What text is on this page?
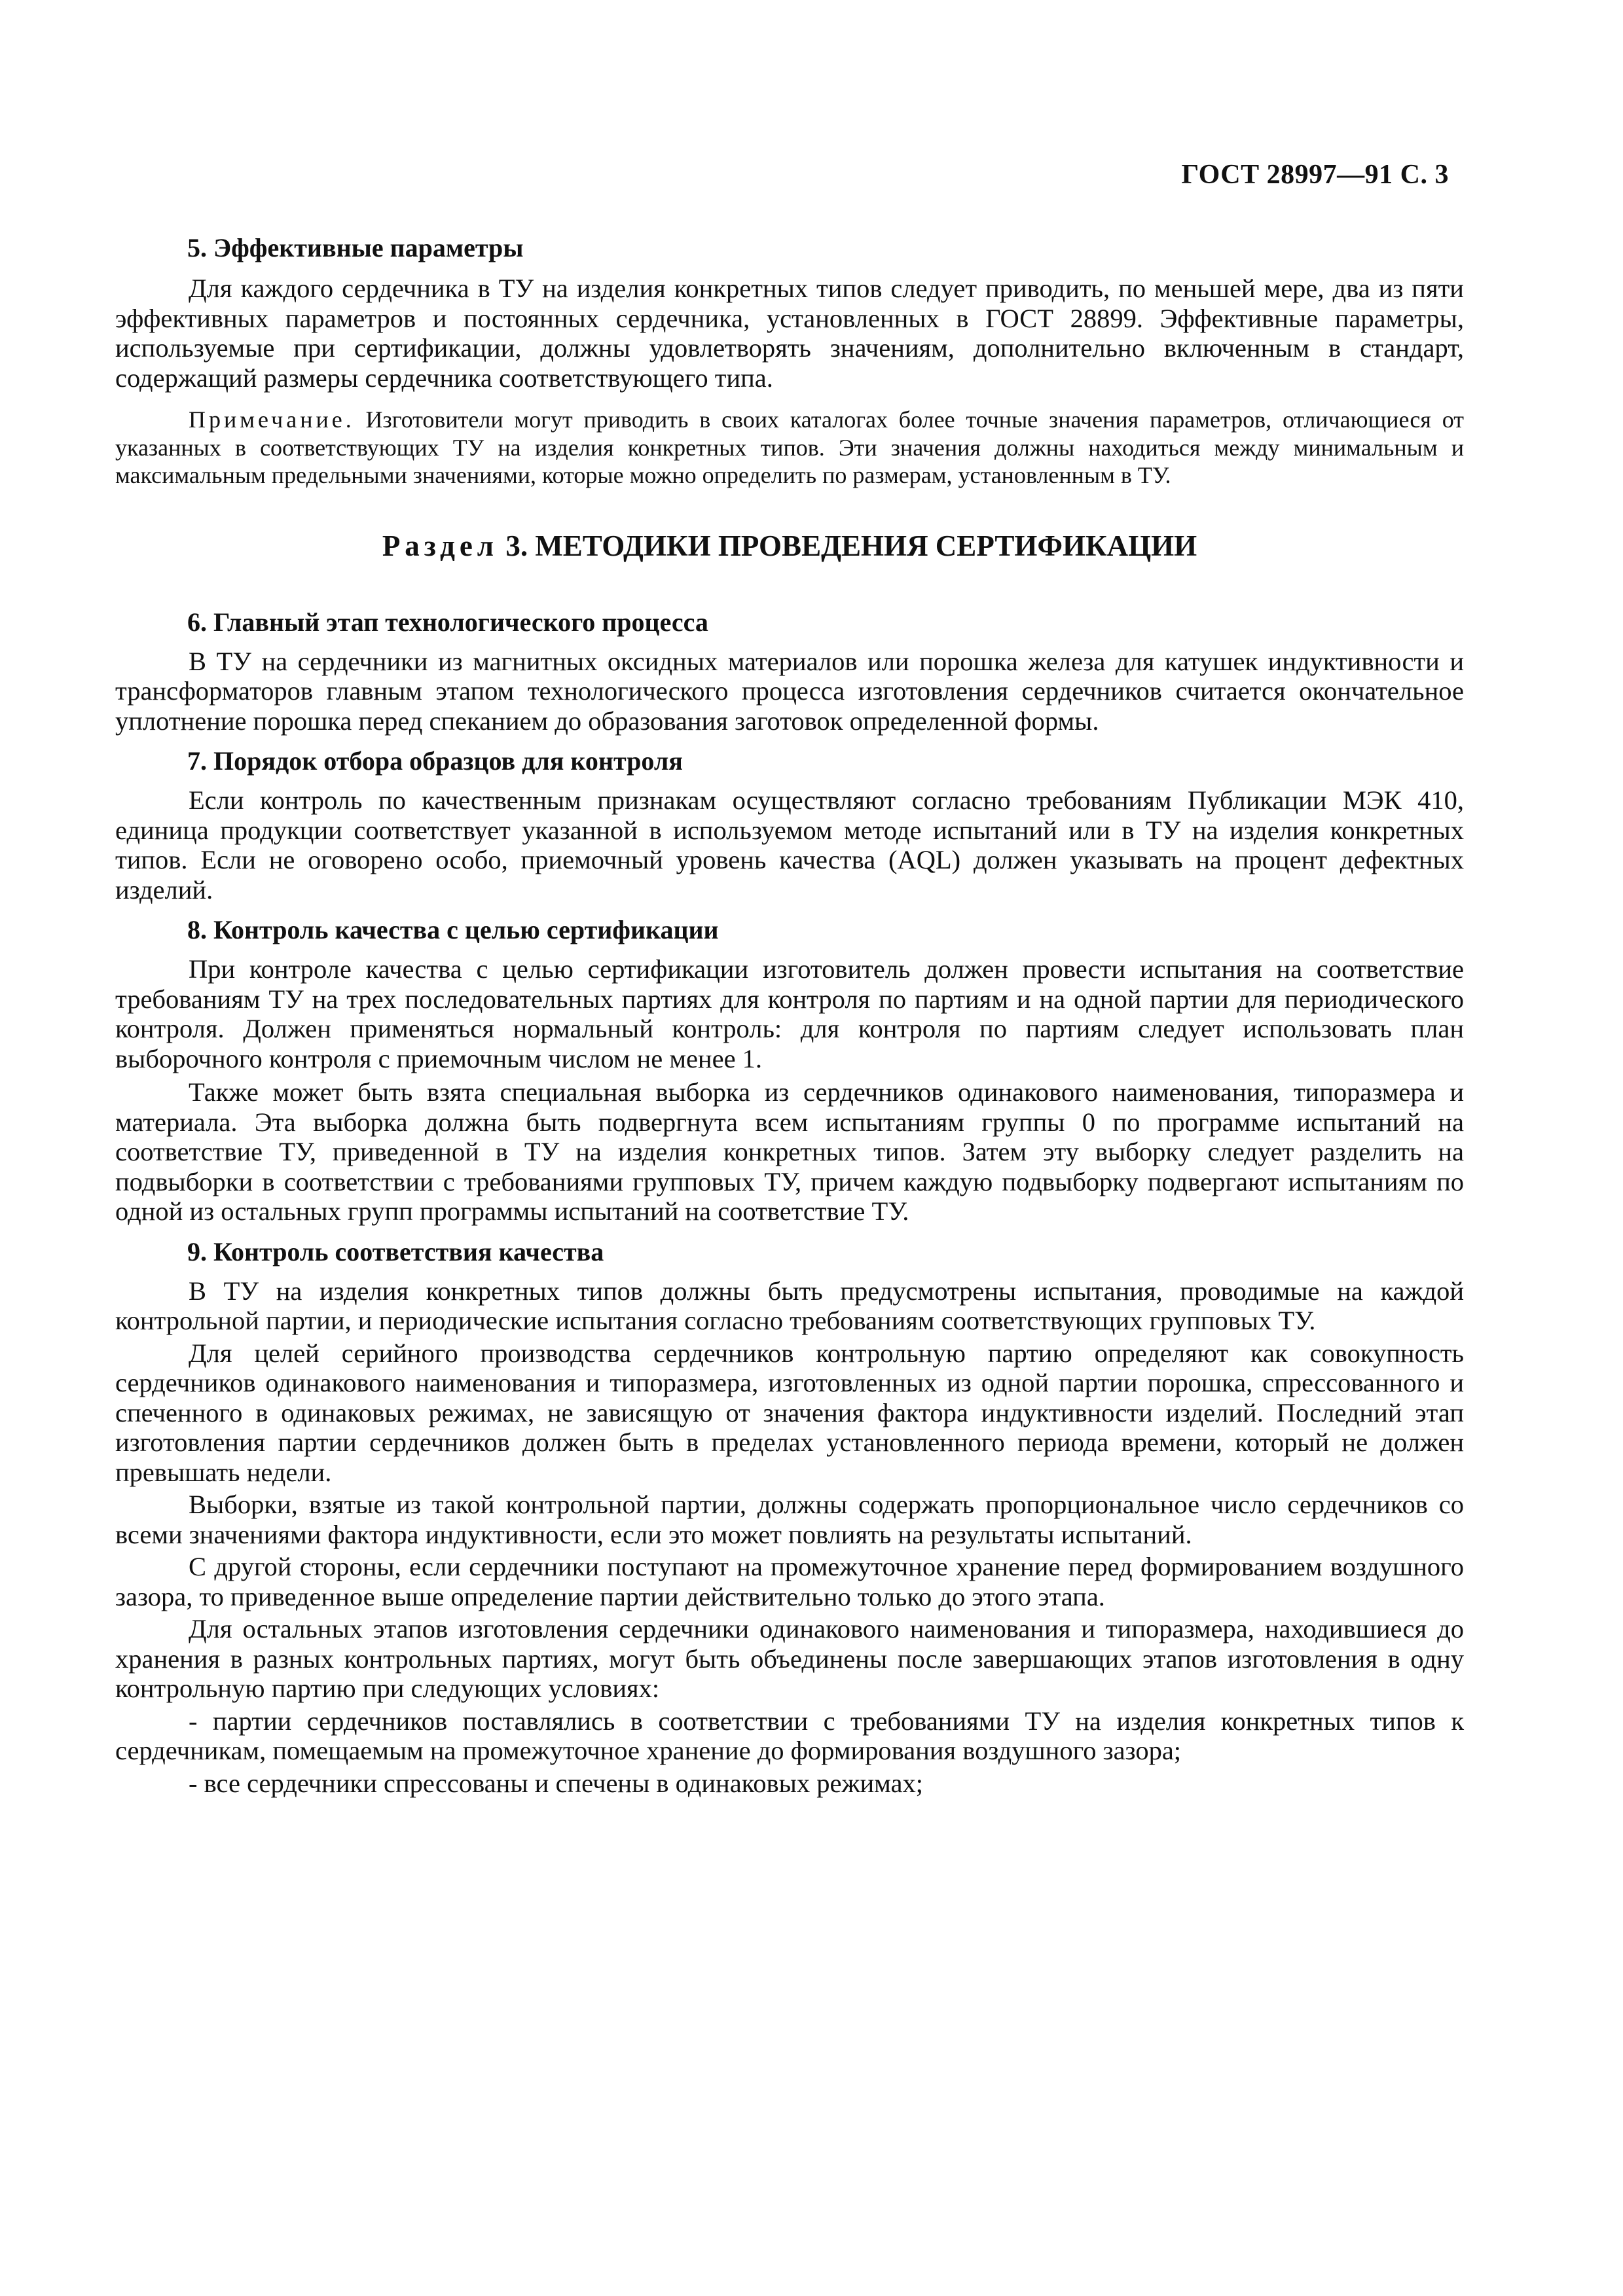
ГОСТ 28997—91 С. 3
5. Эффективные параметры

Для каждого сердечника в ТУ на изделия конкретных типов следует приводить, по меньшей мере, два из пяти эффективных параметров и постоянных сердечника, установленных в ГОСТ 28899. Эффективные параметры, используемые при сертификации, должны удовлетворять значениям, дополнительно включенным в стандарт, содержащий размеры сердечника соответствующего типа.

Примечание. Изготовители могут приводить в своих каталогах более точные значения параметров, отличающиеся от указанных в соответствующих ТУ на изделия конкретных типов. Эти значения должны находиться между минимальным и максимальным предельными значениями, которые можно определить по размерам, установленным в ТУ.

Раздел 3. МЕТОДИКИ ПРОВЕДЕНИЯ СЕРТИФИКАЦИИ
6. Главный этап технологического процесса

В ТУ на сердечники из магнитных оксидных материалов или порошка железа для катушек индуктивности и трансформаторов главным этапом технологического процесса изготовления сердечников считается окончательное уплотнение порошка перед спеканием до образования заготовок определенной формы.

7. Порядок отбора образцов для контроля

Если контроль по качественным признакам осуществляют согласно требованиям Публикации МЭК 410, единица продукции соответствует указанной в используемом методе испытаний или в ТУ на изделия конкретных типов. Если не оговорено особо, приемочный уровень качества (AQL) должен указывать на процент дефектных изделий.

8. Контроль качества с целью сертификации

При контроле качества с целью сертификации изготовитель должен провести испытания на соответствие требованиям ТУ на трех последовательных партиях для контроля по партиям и на одной партии для периодического контроля. Должен применяться нормальный контроль: для контроля по партиям следует использовать план выборочного контроля с приемочным числом не менее 1.

Также может быть взята специальная выборка из сердечников одинакового наименования, типоразмера и материала. Эта выборка должна быть подвергнута всем испытаниям группы 0 по программе испытаний на соответствие ТУ, приведенной в ТУ на изделия конкретных типов. Затем эту выборку следует разделить на подвыборки в соответствии с требованиями групповых ТУ, причем каждую подвыборку подвергают испытаниям по одной из остальных групп программы испытаний на соответствие ТУ.

9. Контроль соответствия качества

В ТУ на изделия конкретных типов должны быть предусмотрены испытания, проводимые на каждой контрольной партии, и периодические испытания согласно требованиям соответствующих групповых ТУ.

Для целей серийного производства сердечников контрольную партию определяют как совокупность сердечников одинакового наименования и типоразмера, изготовленных из одной партии порошка, спрессованного и спеченного в одинаковых режимах, не зависящую от значения фактора индуктивности изделий. Последний этап изготовления партии сердечников должен быть в пределах установленного периода времени, который не должен превышать недели.

Выборки, взятые из такой контрольной партии, должны содержать пропорциональное число сердечников со всеми значениями фактора индуктивности, если это может повлиять на результаты испытаний.

С другой стороны, если сердечники поступают на промежуточное хранение перед формированием воздушного зазора, то приведенное выше определение партии действительно только до этого этапа.

Для остальных этапов изготовления сердечники одинакового наименования и типоразмера, находившиеся до хранения в разных контрольных партиях, могут быть объединены после завершающих этапов изготовления в одну контрольную партию при следующих условиях:

- партии сердечников поставлялись в соответствии с требованиями ТУ на изделия конкретных типов к сердечникам, помещаемым на промежуточное хранение до формирования воздушного зазора;

- все сердечники спрессованы и спечены в одинаковых режимах;
